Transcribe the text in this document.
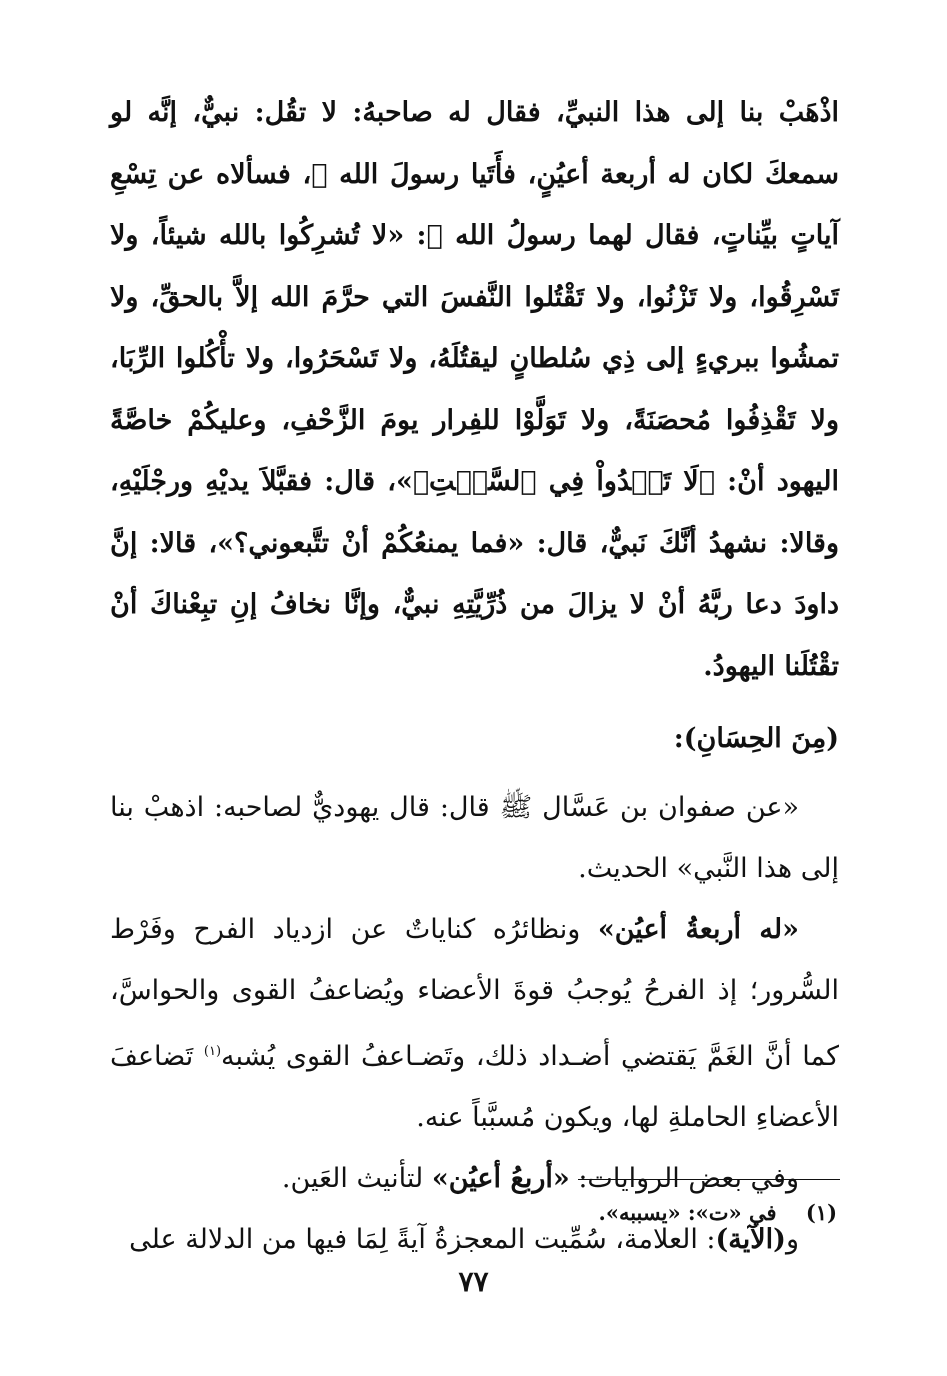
اذْهَبْ بنا إلى هذا النبيِّ، فقال له صاحبهُ: لا تقُل: نبيٌّ، إنَّه لو سمعكَ لكان له أربعة أعيُنٍ، فأَتَيا رسولَ الله ﷺ، فسألاه عن تِسْعِ آياتٍ بيِّناتٍ، فقال لهما رسولُ الله ﷺ: «لا تُشرِكُوا بالله شيئاً، ولا تَسْرِقُوا، ولا تَزْنُوا، ولا تَقْتُلوا النَّفسَ التي حرَّمَ الله إلاَّ بالحقِّ، ولا تمشُوا ببريءٍ إلى ذِي سُلطانٍ ليقتُلَهُ، ولا تَسْحَرُوا، ولا تأْكُلوا الرِّبَا، ولا تَقْذِفُوا مُحصَنَةً، ولا تَوَلَّوْا للفِرار يومَ الزَّحْفِ، وعليكُمْ خاصَّةً اليهود أنْ: ﴿لَا تَعۡدُواْ فِي ٱلسَّبۡتِ﴾»، قال: فقبَّلاَ يديْهِ ورجْلَيْهِ، وقالا: نشهدُ أنَّكَ نَبيٌّ، قال: «فما يمنعُكُمْ أنْ تتَّبعوني؟»، قالا: إنَّ داودَ دعا ربَّهُ أنْ لا يزالَ من ذُرِّيَّتِهِ نبيٌّ، وإنَّا نخافُ إنِ تبِعْناكَ أنْ تقْتُلَنا اليهودُ.

(مِنَ الحِسَانِ):

«عن صفوان بن عَسَّال ﷺ قال: قال يهوديٌّ لصاحبه: اذهبْ بنا إلى هذا النَّبي» الحديث.

«له أربعةُ أعيُن» ونظائرُه كناياتٌ عن ازدياد الفرح وفَرْط السُّرور؛ إذ الفرحُ يُوجبُ قوةَ الأعضاء ويُضاعفُ القوى والحواسَّ، كما أنَّ الغَمَّ يَقتضي أضـداد ذلك، وتَضـاعفُ القوى يُشبه$^{(١)}$ تَضاعفَ الأعضاءِ الحاملةِ لها، ويكون مُسبَّباً عنه.

وفي بعض الروايات: «أربعُ أعيُن» لتأنيث العَين.

و(الآية): العلامة، سُمِّيت المعجزةُ آيةً لِمَا فيها من الدلالة على

(١) في «ت»: «يسببه».
٧٧
